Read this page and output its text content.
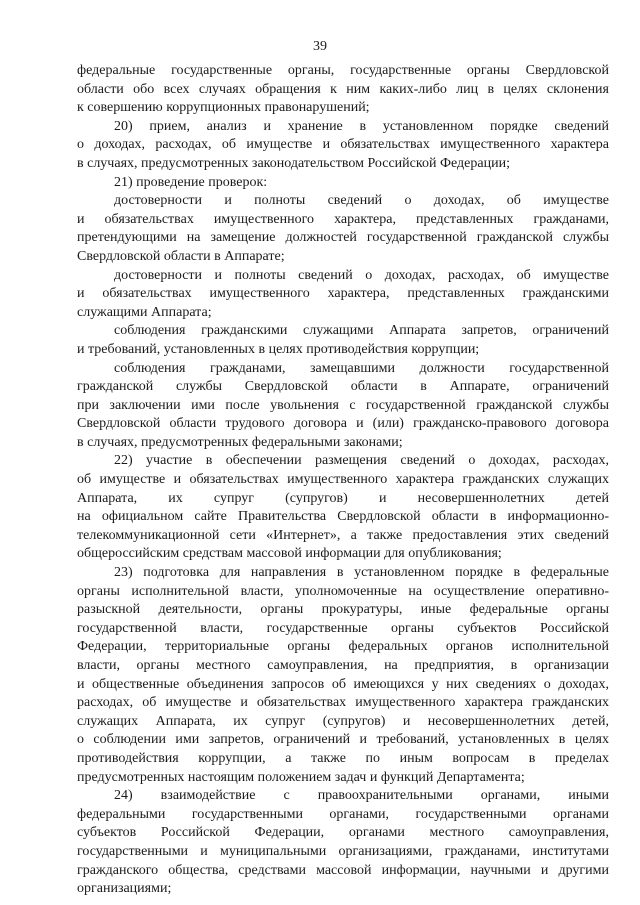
39
федеральные государственные органы, государственные органы Свердловской
области обо всех случаях обращения к ним каких-либо лиц в целях склонения
к совершению коррупционных правонарушений;
20) прием, анализ и хранение в установленном порядке сведений
о доходах, расходах, об имуществе и обязательствах имущественного характера
в случаях, предусмотренных законодательством Российской Федерации;
21) проведение проверок:
достоверности и полноты сведений о доходах, об имуществе
и обязательствах имущественного характера, представленных гражданами,
претендующими на замещение должностей государственной гражданской службы
Свердловской области в Аппарате;
достоверности и полноты сведений о доходах, расходах, об имуществе
и обязательствах имущественного характера, представленных гражданскими
служащими Аппарата;
соблюдения гражданскими служащими Аппарата запретов, ограничений
и требований, установленных в целях противодействия коррупции;
соблюдения гражданами, замещавшими должности государственной
гражданской службы Свердловской области в Аппарате, ограничений
при заключении ими после увольнения с государственной гражданской службы
Свердловской области трудового договора и (или) гражданско-правового договора
в случаях, предусмотренных федеральными законами;
22) участие в обеспечении размещения сведений о доходах, расходах,
об имуществе и обязательствах имущественного характера гражданских служащих
Аппарата, их супруг (супругов) и несовершеннолетних детей
на официальном сайте Правительства Свердловской области в информационно-
телекоммуникационной сети «Интернет», а также предоставления этих сведений
общероссийским средствам массовой информации для опубликования;
23) подготовка для направления в установленном порядке в федеральные
органы исполнительной власти, уполномоченные на осуществление оперативно-
разыскной деятельности, органы прокуратуры, иные федеральные органы
государственной власти, государственные органы субъектов Российской
Федерации, территориальные органы федеральных органов исполнительной
власти, органы местного самоуправления, на предприятия, в организации
и общественные объединения запросов об имеющихся у них сведениях о доходах,
расходах, об имуществе и обязательствах имущественного характера гражданских
служащих Аппарата, их супруг (супругов) и несовершеннолетних детей,
о соблюдении ими запретов, ограничений и требований, установленных в целях
противодействия коррупции, а также по иным вопросам в пределах
предусмотренных настоящим положением задач и функций Департамента;
24) взаимодействие с правоохранительными органами, иными
федеральными государственными органами, государственными органами
субъектов Российской Федерации, органами местного самоуправления,
государственными и муниципальными организациями, гражданами, институтами
гражданского общества, средствами массовой информации, научными и другими
организациями;
